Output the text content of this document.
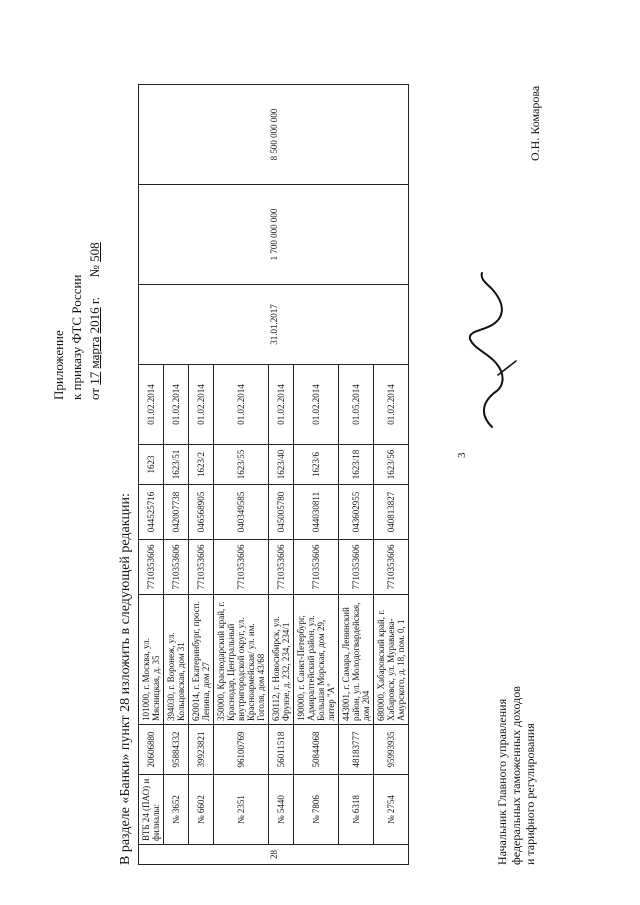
3
Приложение к приказу ФТС России от 17 марта 2016 г.      № 508
В разделе «Банки» пункт 28 изложить в следующей редакции:	28	ВТБ 24 (ПАО) и филиалы:	20606880	101000, г. Москва, ул. Мясницкая, д. 35	7710353606	044525716	1623	01.02.2014	31.01.2017	1 700 000 000	8 500 000 000
	№ 3652	95884332	394030, г. Воронеж, ул. Кольцовская, дом 31	7710353606	042007738	1623/51	01.02.2014			
	№ 6602	39923821	620014, г. Екатеринбург, просп. Ленина, дом 27	7710353606	046568905	1623/2	01.02.2014			
	№ 2351	96100769	350000, Краснодарский край, г. Краснодар, Центральный внутригородской округ, ул. Красноармейская/ ул. им. Гоголя, дом 43/68	7710353606	040349585	1623/55	01.02.2014			
	№ 5440	56011518	630112, г. Новосибирск, ул. Фрунзе, д. 232, 234, 234/1	7710353606	045005780	1623/40	01.02.2014			
	№ 7806	50844068	190000, г. Санкт-Петербург, Адмиралтейский район, ул. Большая Морская, дом 29, литер "А"	7710353606	044030811	1623/6	01.02.2014			
	№ 6318	48183777	443001, г. Самара, Ленинский район, ул. Молодогвардейская, дом 204	7710353606	043602955	1623/18	01.05.2014			
	№ 2754	95993935	680000, Хабаровский край, г. Хабаровск, ул. Муравьева-Амурского, д. 18, пом. 0, 1	7710353606	040813827	1623/56	01.02.2014			
Начальник Главного управления федеральных таможенных доходов и тарифного регулирования
О.Н. Комарова
